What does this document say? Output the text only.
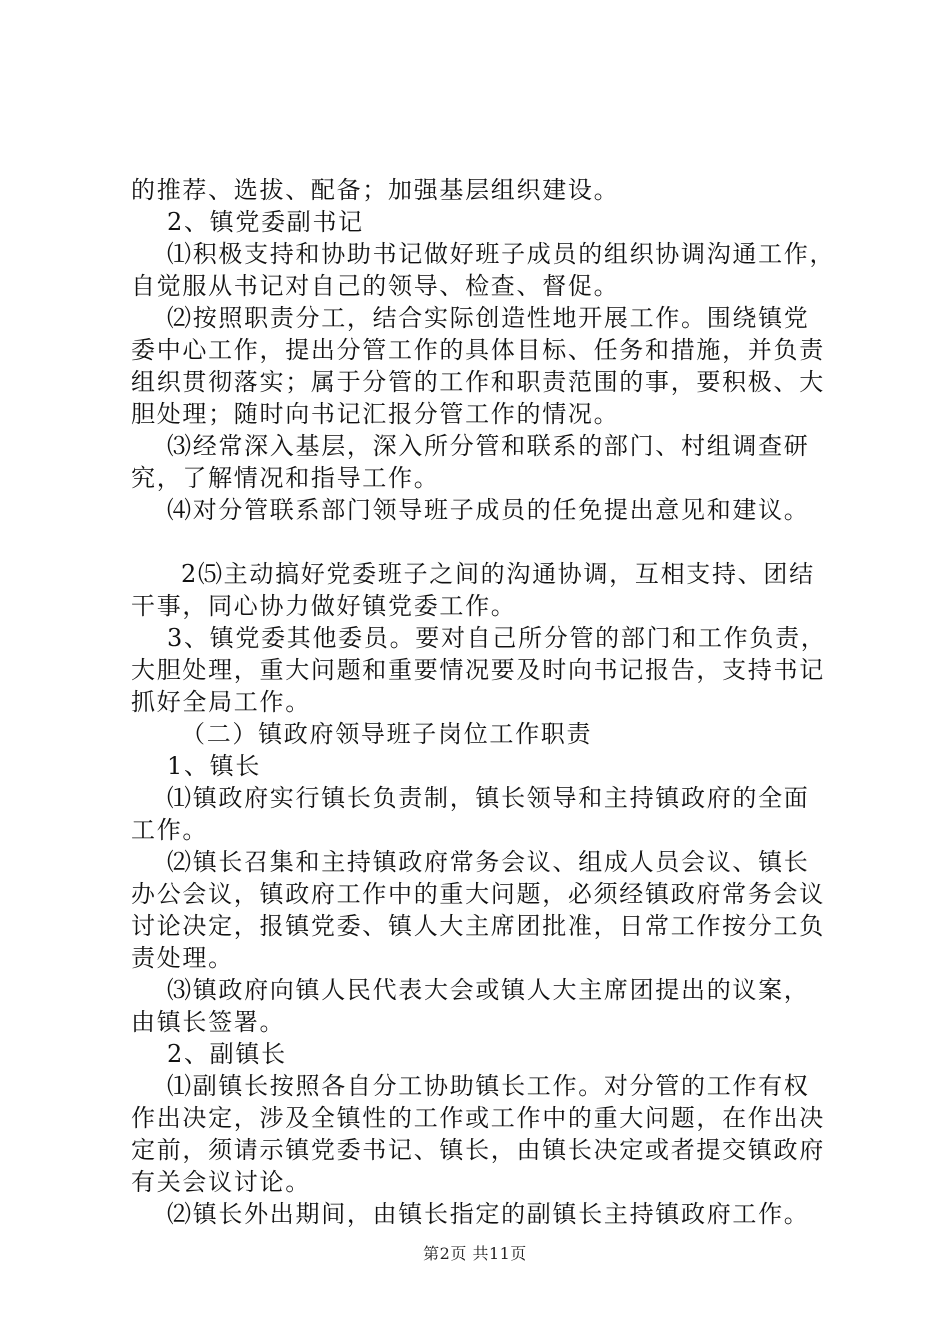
的推荐、选拔、配备；加强基层组织建设。

2、镇党委副书记

⑴积极支持和协助书记做好班子成员的组织协调沟通工作，

自觉服从书记对自己的领导、检查、督促。

⑵按照职责分工，结合实际创造性地开展工作。围绕镇党

委中心工作，提出分管工作的具体目标、任务和措施，并负责

组织贯彻落实；属于分管的工作和职责范围的事，要积极、大

胆处理；随时向书记汇报分管工作的情况。

⑶经常深入基层，深入所分管和联系的部门、村组调查研

究，了解情况和指导工作。

⑷对分管联系部门领导班子成员的任免提出意见和建议。

2⑸主动搞好党委班子之间的沟通协调，互相支持、团结

干事，同心协力做好镇党委工作。

3、镇党委其他委员。要对自己所分管的部门和工作负责，

大胆处理，重大问题和重要情况要及时向书记报告，支持书记

抓好全局工作。

（二）镇政府领导班子岗位工作职责

1、镇长

⑴镇政府实行镇长负责制，镇长领导和主持镇政府的全面

工作。

⑵镇长召集和主持镇政府常务会议、组成人员会议、镇长

办公会议，镇政府工作中的重大问题，必须经镇政府常务会议

讨论决定，报镇党委、镇人大主席团批准，日常工作按分工负

责处理。

⑶镇政府向镇人民代表大会或镇人大主席团提出的议案，

由镇长签署。

2、副镇长

⑴副镇长按照各自分工协助镇长工作。对分管的工作有权

作出决定，涉及全镇性的工作或工作中的重大问题，在作出决

定前，须请示镇党委书记、镇长，由镇长决定或者提交镇政府

有关会议讨论。

⑵镇长外出期间，由镇长指定的副镇长主持镇政府工作。

第2页 共11页
